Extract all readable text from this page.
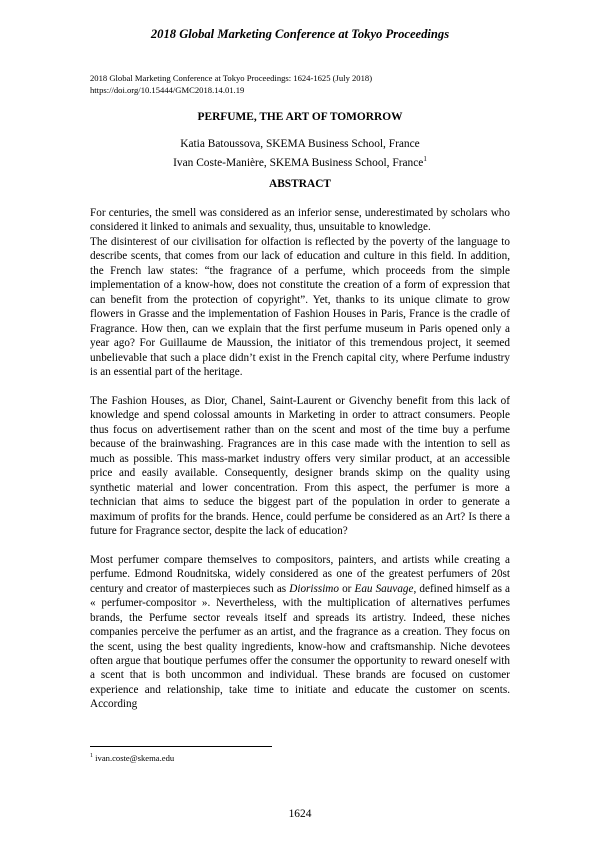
2018 Global Marketing Conference at Tokyo Proceedings
2018 Global Marketing Conference at Tokyo Proceedings: 1624-1625 (July 2018)
https://doi.org/10.15444/GMC2018.14.01.19
PERFUME, THE ART OF TOMORROW
Katia Batoussova, SKEMA Business School, France
Ivan Coste-Manière, SKEMA Business School, France$^1$
ABSTRACT

For centuries, the smell was considered as an inferior sense, underestimated by scholars who considered it linked to animals and sexuality, thus, unsuitable to knowledge.

The disinterest of our civilisation for olfaction is reflected by the poverty of the language to describe scents, that comes from our lack of education and culture in this field. In addition, the French law states: “the fragrance of a perfume, which proceeds from the simple implementation of a know-how, does not constitute the creation of a form of expression that can benefit from the protection of copyright”. Yet, thanks to its unique climate to grow flowers in Grasse and the implementation of Fashion Houses in Paris, France is the cradle of Fragrance. How then, can we explain that the first perfume museum in Paris opened only a year ago? For Guillaume de Maussion, the initiator of this tremendous project, it seemed unbelievable that such a place didn’t exist in the French capital city, where Perfume industry is an essential part of the heritage.

The Fashion Houses, as Dior, Chanel, Saint-Laurent or Givenchy benefit from this lack of knowledge and spend colossal amounts in Marketing in order to attract consumers. People thus focus on advertisement rather than on the scent and most of the time buy a perfume because of the brainwashing. Fragrances are in this case made with the intention to sell as much as possible. This mass-market industry offers very similar product, at an accessible price and easily available. Consequently, designer brands skimp on the quality using synthetic material and lower concentration. From this aspect, the perfumer is more a technician that aims to seduce the biggest part of the population in order to generate a maximum of profits for the brands. Hence, could perfume be considered as an Art? Is there a future for Fragrance sector, despite the lack of education?

Most perfumer compare themselves to compositors, painters, and artists while creating a perfume. Edmond Roudnitska, widely considered as one of the greatest perfumers of 20st century and creator of masterpieces such as Diorissimo or Eau Sauvage, defined himself as a « perfumer-compositor ». Nevertheless, with the multiplication of alternatives perfumes brands, the Perfume sector reveals itself and spreads its artistry. Indeed, these niches companies perceive the perfumer as an artist, and the fragrance as a creation. They focus on the scent, using the best quality ingredients, know-how and craftsmanship. Niche devotees often argue that boutique perfumes offer the consumer the opportunity to reward oneself with a scent that is both uncommon and individual. These brands are focused on customer experience and relationship, take time to initiate and educate the customer on scents. According

$^1$ ivan.coste@skema.edu
1624
